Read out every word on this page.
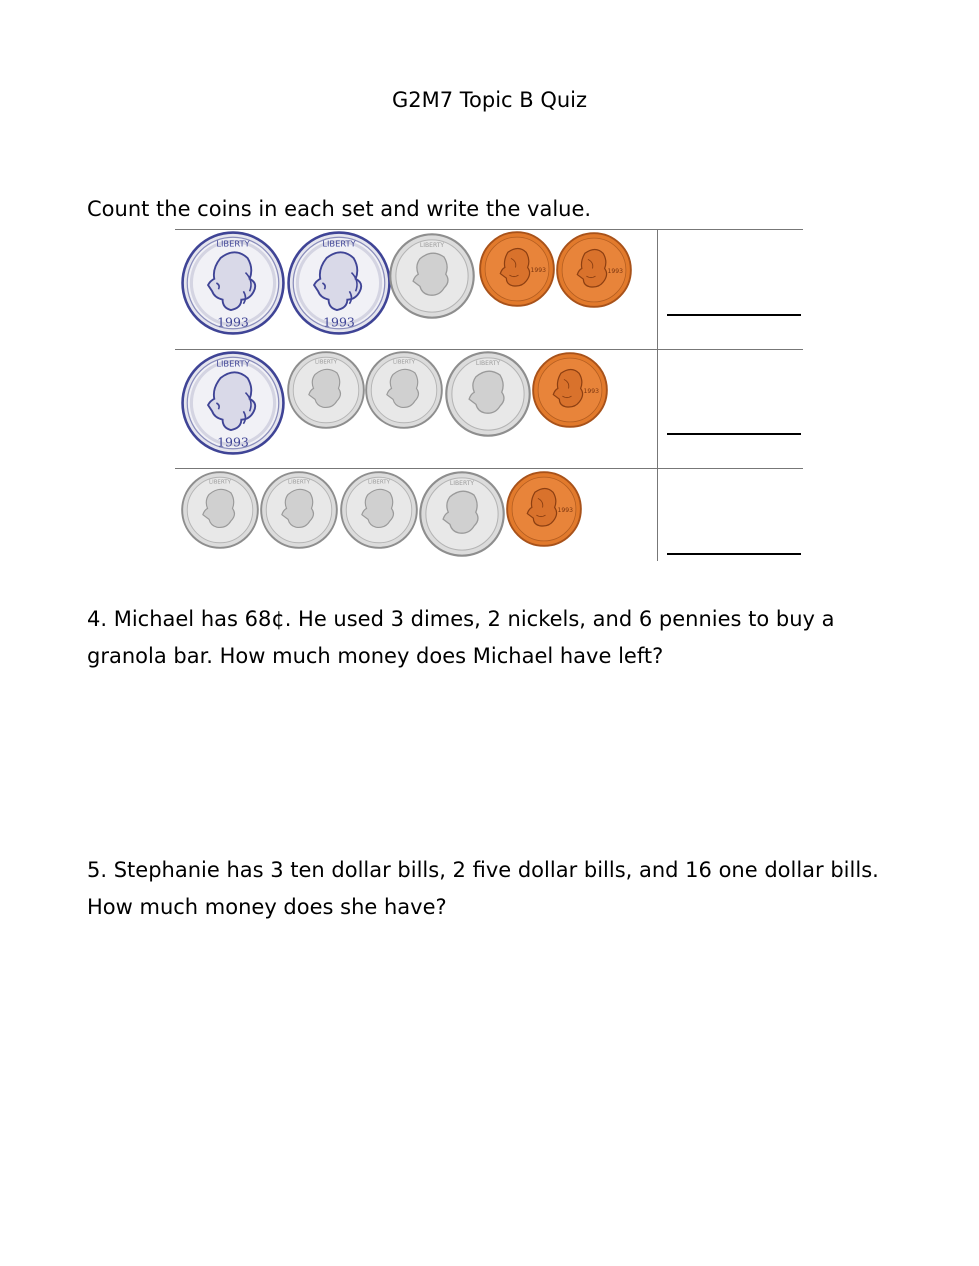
G2M7 Topic B Quiz
Count the coins in each set and write the value.
LIBERTY
1993
LIBERTY
1993
LIBERTY
1993	1993
LIBERTY
1993
LIBERTY	LIBERTY	LIBERTY
1993
LIBERTY	LIBERTY	LIBERTY	LIBERTY
1993
4. Michael has 68¢. He used 3 dimes, 2 nickels, and 6 pennies to buy a
granola bar. How much money does Michael have left?
5. Stephanie has 3 ten dollar bills, 2 five dollar bills, and 16 one dollar bills.
How much money does she have?
